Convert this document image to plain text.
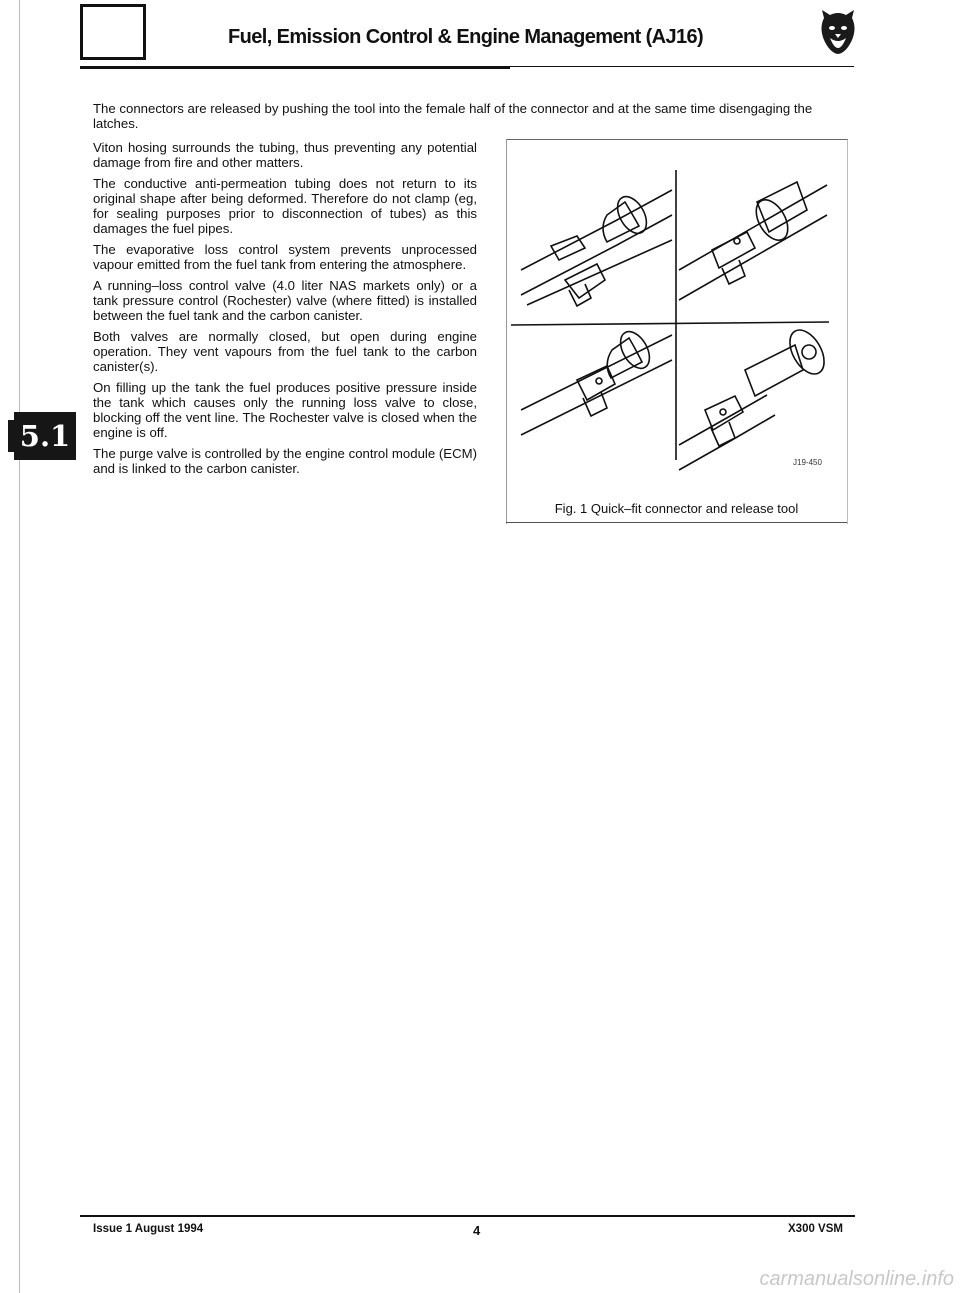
Fuel, Emission Control & Engine Management (AJ16)
The connectors are released by pushing the tool into the female half of the connector and at the same time disengaging the latches.

Viton hosing surrounds the tubing, thus preventing any potential damage from fire and other matters.

The conductive anti-permeation tubing does not return to its original shape after being deformed. Therefore do not clamp (eg, for sealing purposes prior to disconnection of tubes) as this damages the fuel pipes.

The evaporative loss control system prevents unprocessed vapour emitted from the fuel tank from entering the atmosphere.

A running–loss control valve (4.0 liter NAS markets only) or a tank pressure control (Rochester) valve (where fitted) is installed between the fuel tank and the carbon canister.

Both valves are normally closed, but open during engine operation. They vent vapours from the fuel tank to the carbon canister(s).

On filling up the tank the fuel produces positive pressure inside the tank which causes only the running loss valve to close, blocking off the vent line. The Rochester valve is closed when the engine is off.

The purge valve is controlled by the engine control module (ECM) and is linked to the carbon canister.	J19-450
Fig. 1 Quick–fit connector and release tool
5.1
Issue 1 August 1994	4	X300 VSM
carmanualsonline.info
